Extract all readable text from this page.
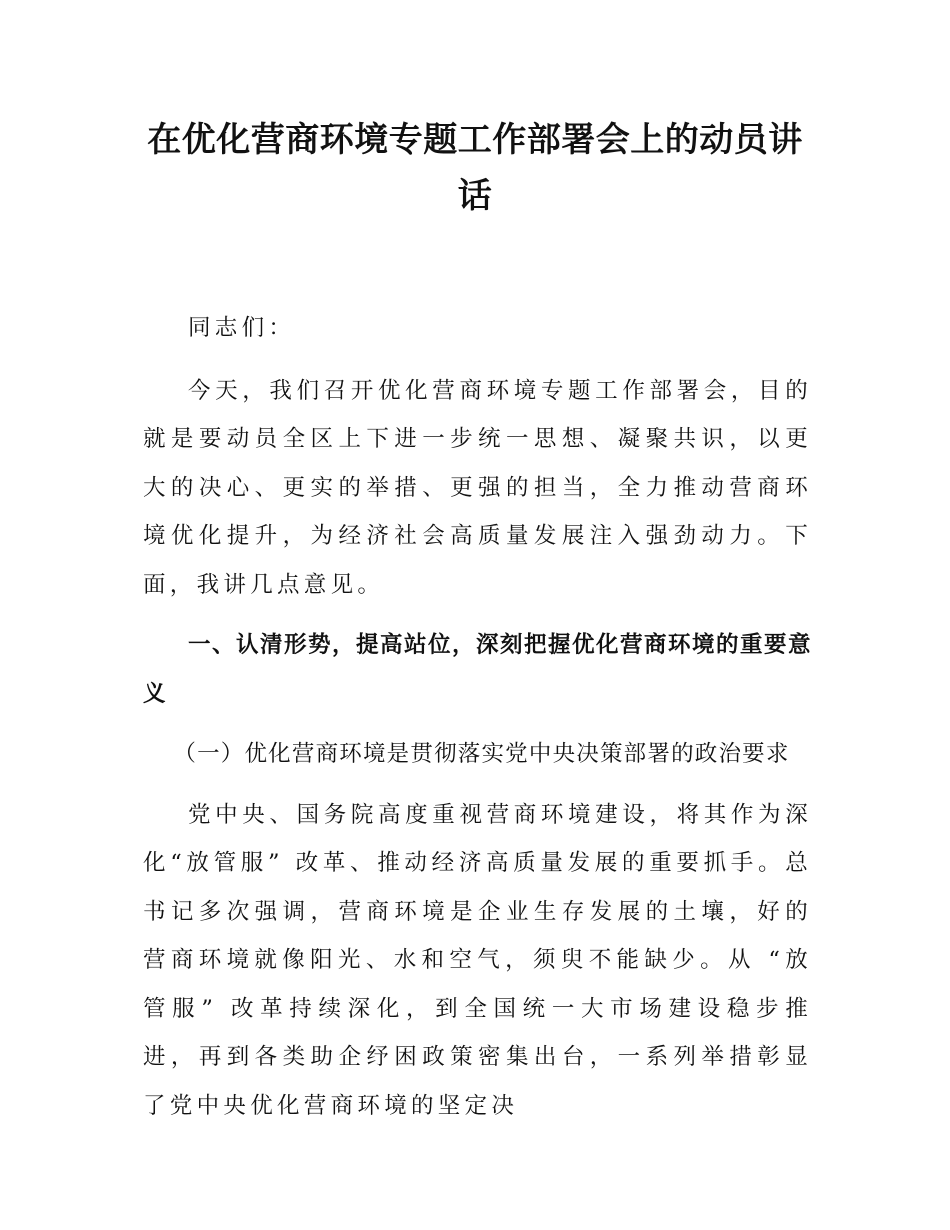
在优化营商环境专题工作部署会上的动员讲话

同志们：

今天，我们召开优化营商环境专题工作部署会，目的就是要动员全区上下进一步统一思想、凝聚共识，以更大的决心、更实的举措、更强的担当，全力推动营商环境优化提升，为经济社会高质量发展注入强劲动力。下面，我讲几点意见。

一、认清形势，提高站位，深刻把握优化营商环境的重要意义

（一）优化营商环境是贯彻落实党中央决策部署的政治要求

党中央、国务院高度重视营商环境建设，将其作为深化“放管服” 改革、推动经济高质量发展的重要抓手。总书记多次强调，营商环境是企业生存发展的土壤，好的营商环境就像阳光、水和空气，须臾不能缺少。从 “放管服” 改革持续深化，到全国统一大市场建设稳步推进，再到各类助企纾困政策密集出台，一系列举措彰显了党中央优化营商环境的坚定决
